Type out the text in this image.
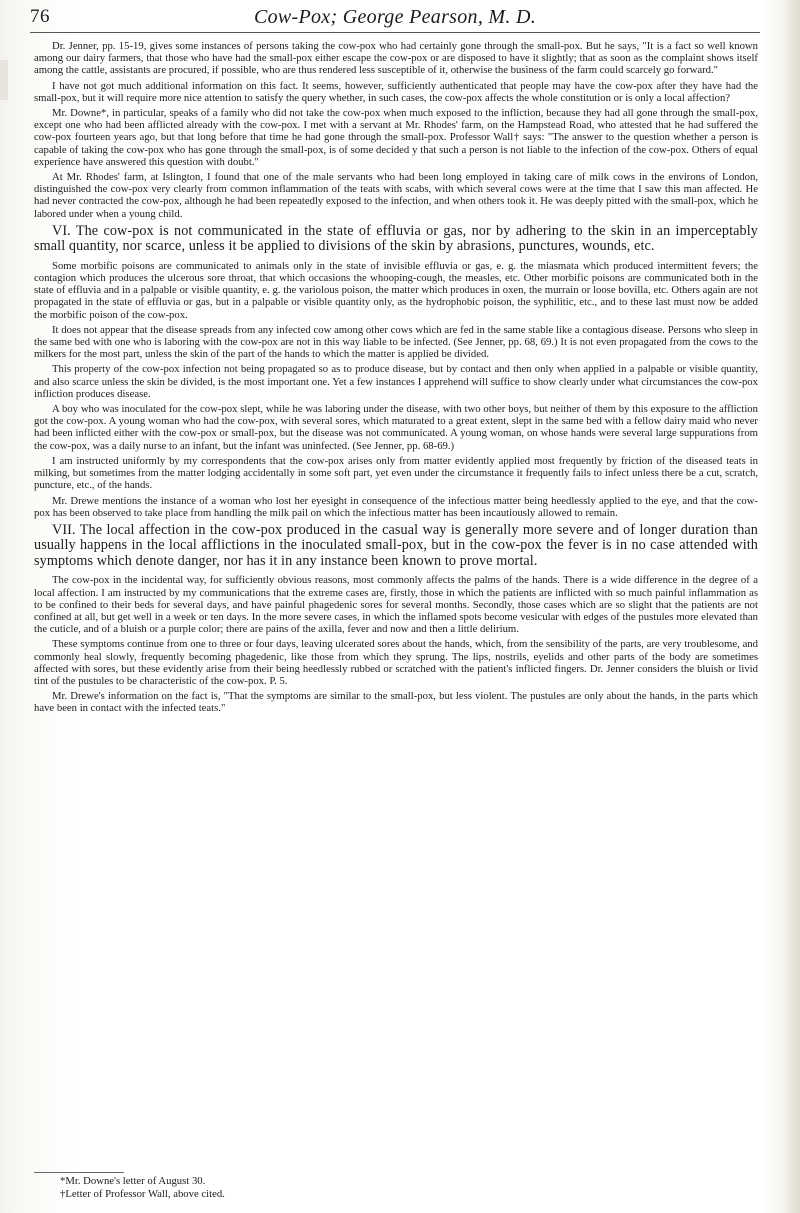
76	Cow-Pox; George Pearson, M. D.

Dr. Jenner, pp. 15-19, gives some instances of persons taking the cow-pox who had certainly gone through the small-pox. But he says, "It is a fact so well known among our dairy farmers, that those who have had the small-pox either escape the cow-pox or are disposed to have it slightly; that as soon as the complaint shows itself among the cattle, assistants are procured, if possible, who are thus rendered less susceptible of it, otherwise the business of the farm could scarcely go forward."

I have not got much additional information on this fact. It seems, however, sufficiently authenticated that people may have the cow-pox after they have had the small-pox, but it will require more nice attention to satisfy the query whether, in such cases, the cow-pox affects the whole constitution or is only a local affection?

Mr. Downe*, in particular, speaks of a family who did not take the cow-pox when much exposed to the infliction, because they had all gone through the small-pox, except one who had been afflicted already with the cow-pox. I met with a servant at Mr. Rhodes' farm, on the Hampstead Road, who attested that he had suffered the cow-pox fourteen years ago, but that long before that time he had gone through the small-pox. Professor Wall† says: "The answer to the question whether a person is capable of taking the cow-pox who has gone through the small-pox, is of some decided y that such a person is not liable to the infection of the cow-pox. Others of equal experience have answered this question with doubt."

At Mr. Rhodes' farm, at Islington, I found that one of the male servants who had been long employed in taking care of milk cows in the environs of London, distinguished the cow-pox very clearly from common inflammation of the teats with scabs, with which several cows were at the time that I saw this man affected. He had never contracted the cow-pox, although he had been repeatedly exposed to the infection, and when others took it. He was deeply pitted with the small-pox, which he labored under when a young child.

VI. The cow-pox is not communicated in the state of effluvia or gas, nor by adhering to the skin in an imperceptably small quantity, nor scarce, unless it be applied to divisions of the skin by abrasions, punctures, wounds, etc.

Some morbific poisons are communicated to animals only in the state of invisible effluvia or gas, e. g. the miasmata which produced intermittent fevers; the contagion which produces the ulcerous sore throat, that which occasions the whooping-cough, the measles, etc. Other morbific poisons are communicated both in the state of effluvia and in a palpable or visible quantity, e. g. the variolous poison, the matter which produces in oxen, the murrain or loose bovilla, etc. Others again are not propagated in the state of effluvia or gas, but in a palpable or visible quantity only, as the hydrophobic poison, the syphilitic, etc., and to these last must now be added the morbific poison of the cow-pox.

It does not appear that the disease spreads from any infected cow among other cows which are fed in the same stable like a contagious disease. Persons who sleep in the same bed with one who is laboring with the cow-pox are not in this way liable to be infected. (See Jenner, pp. 68, 69.) It is not even propagated from the cows to the milkers for the most part, unless the skin of the part of the hands to which the matter is applied be divided.

This property of the cow-pox infection not being propagated so as to produce disease, but by contact and then only when applied in a palpable or visible quantity, and also scarce unless the skin be divided, is the most important one. Yet a few instances I apprehend will suffice to show clearly under what circumstances the cow-pox infliction produces disease.

A boy who was inoculated for the cow-pox slept, while he was laboring under the disease, with two other boys, but neither of them by this exposure to the affliction got the cow-pox. A young woman who had the cow-pox, with several sores, which maturated to a great extent, slept in the same bed with a fellow dairy maid who never had been inflicted either with the cow-pox or small-pox, but the disease was not communicated. A young woman, on whose hands were several large suppurations from the cow-pox, was a daily nurse to an infant, but the infant was uninfected. (See Jenner, pp. 68-69.)

I am instructed uniformly by my correspondents that the cow-pox arises only from matter evidently applied most frequently by friction of the diseased teats in milking, but sometimes from the matter lodging accidentally in some soft part, yet even under the circumstance it frequently fails to infect unless there be a cut, scratch, puncture, etc., of the hands.

Mr. Drewe mentions the instance of a woman who lost her eyesight in consequence of the infectious matter being heedlessly applied to the eye, and that the cow-pox has been observed to take place from handling the milk pail on which the infectious matter has been incautiously allowed to remain.

VII. The local affection in the cow-pox produced in the casual way is generally more severe and of longer duration than usually happens in the local afflictions in the inoculated small-pox, but in the cow-pox the fever is in no case attended with symptoms which denote danger, nor has it in any instance been known to prove mortal.

The cow-pox in the incidental way, for sufficiently obvious reasons, most commonly affects the palms of the hands. There is a wide difference in the degree of a local affection. I am instructed by my communications that the extreme cases are, firstly, those in which the patients are inflicted with so much painful inflammation as to be confined to their beds for several days, and have painful phagedenic sores for several months. Secondly, those cases which are so slight that the patients are not confined at all, but get well in a week or ten days. In the more severe cases, in which the inflamed spots become vesicular with edges of the pustules more elevated than the cuticle, and of a bluish or a purple color; there are pains of the axilla, fever and now and then a little delirium.

These symptoms continue from one to three or four days, leaving ulcerated sores about the hands, which, from the sensibility of the parts, are very troublesome, and commonly heal slowly, frequently becoming phagedenic, like those from which they sprung. The lips, nostrils, eyelids and other parts of the body are sometimes affected with sores, but these evidently arise from their being heedlessly rubbed or scratched with the patient's inflicted fingers. Dr. Jenner considers the bluish or livid tint of the pustules to be characteristic of the cow-pox. P. 5.

Mr. Drewe's information on the fact is, "That the symptoms are similar to the small-pox, but less violent. The pustules are only about the hands, in the parts which have been in contact with the infected teats."

*Mr. Downe's letter of August 30.

†Letter of Professor Wall, above cited.
